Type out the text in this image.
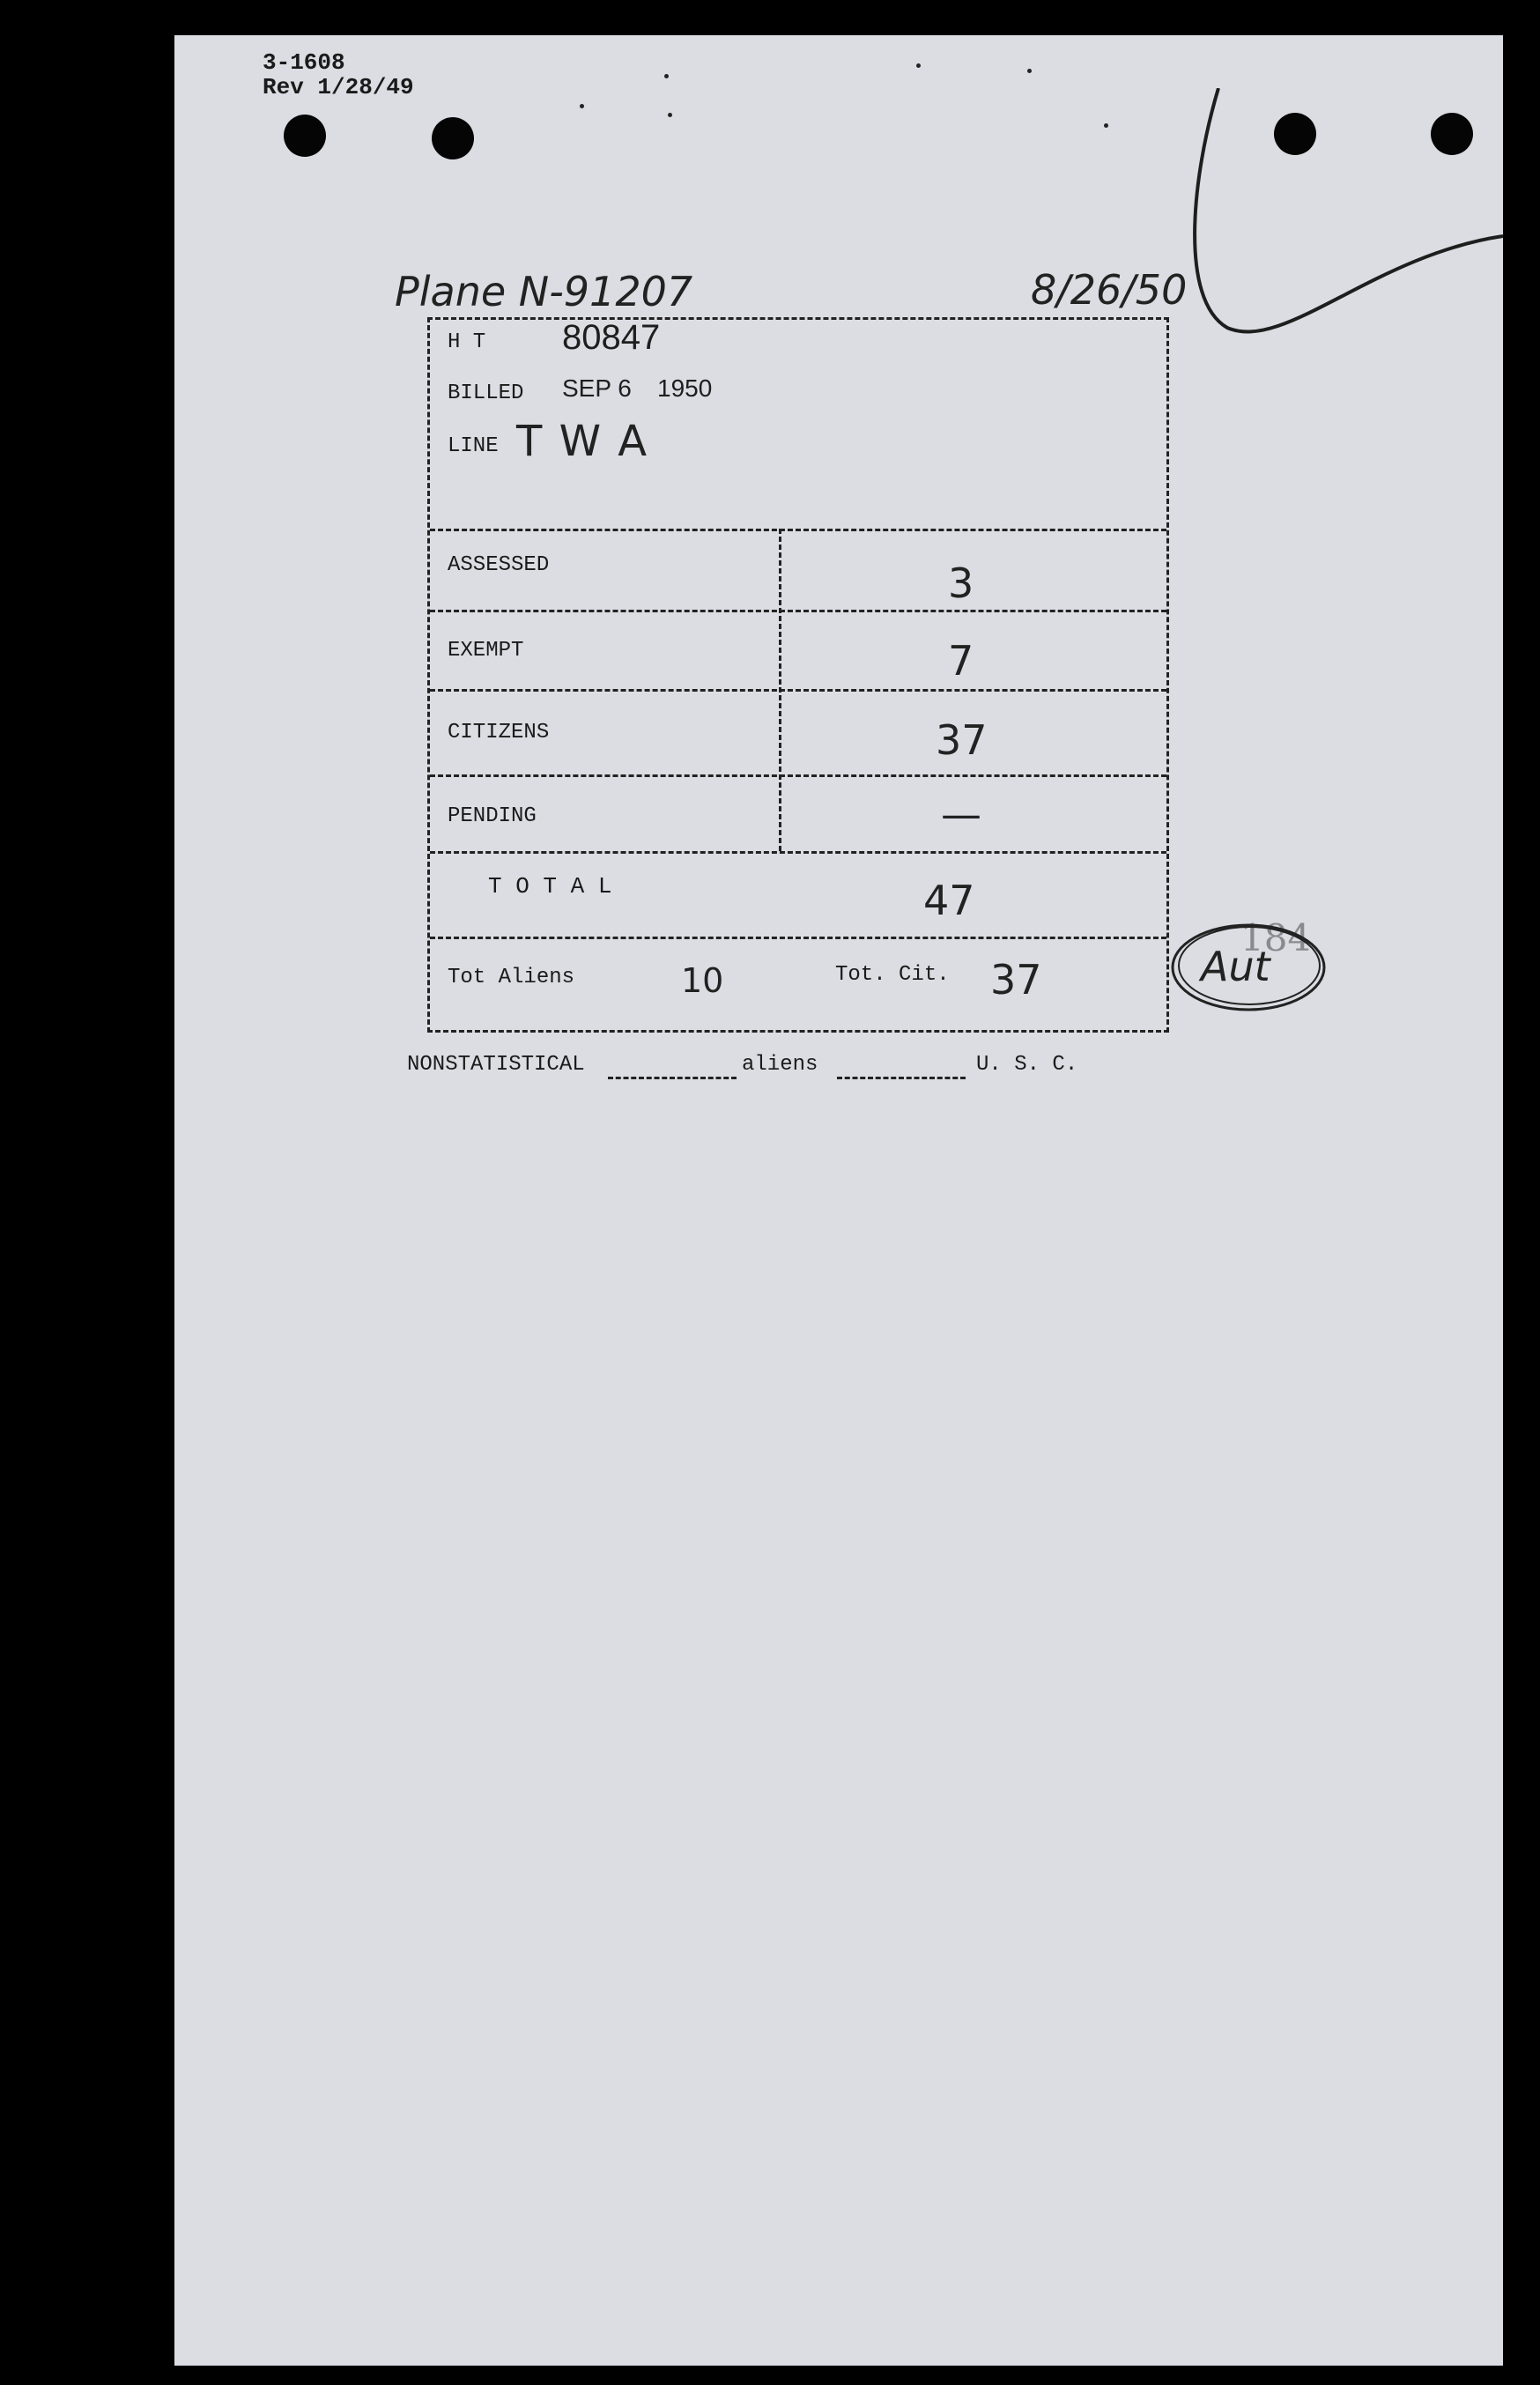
3-1608
Rev 1/28/49
Plane N-91207	8/26/50
H T 80847
BILLED SEP 6 1950
LINE T W A
ASSESSED	3
EXEMPT	7
CITIZENS	37
PENDING	—
T O T A L	47
Tot Aliens	10	Tot. Cit. 37
184
Aut
NONSTATISTICAL	aliens	U. S. C.
